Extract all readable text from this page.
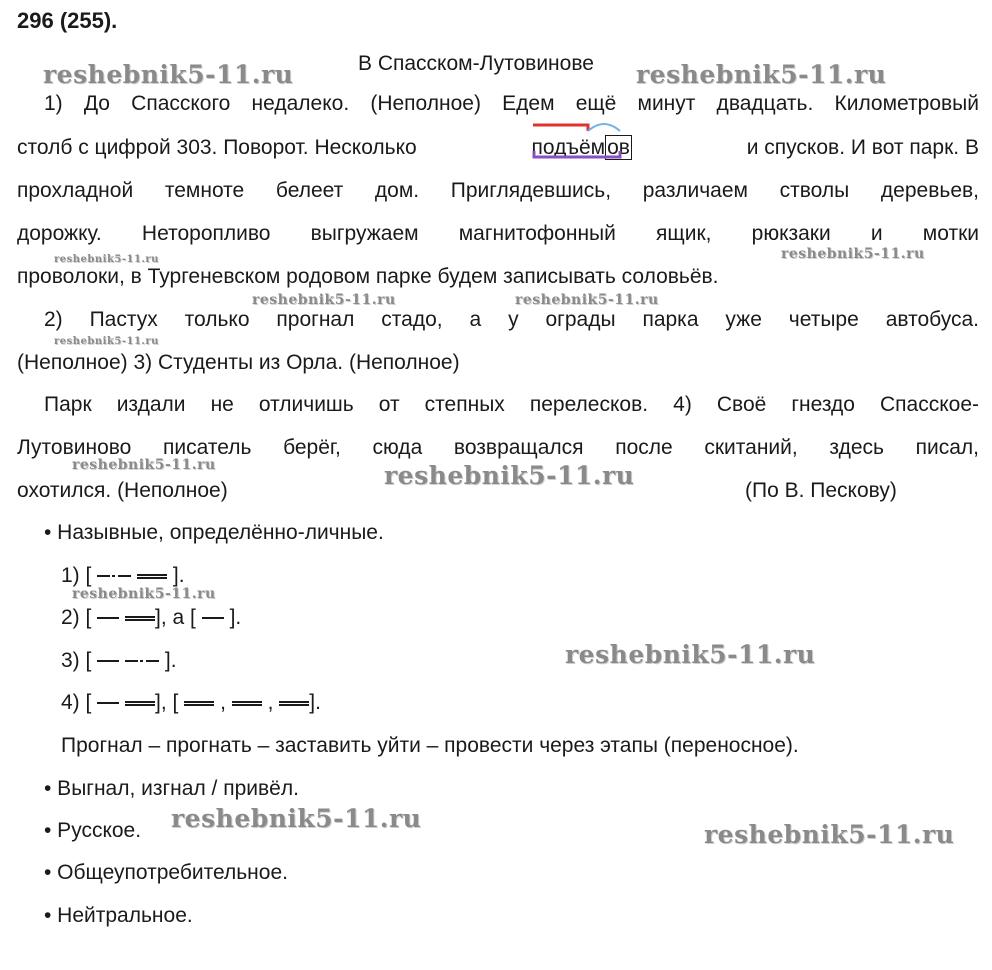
296 (255).
В Спасском-Лутовинове
1) До Спасского недалеко. (Неполное) Едем ещё минут двадцать. Километровый
столб с цифрой 303. Поворот. Несколько	подъёмов	и спусков. И вот парк. В
прохладной темноте белеет дом. Приглядевшись, различаем стволы деревьев,
дорожку. Неторопливо выгружаем магнитофонный ящик, рюкзаки и мотки
проволоки, в Тургеневском родовом парке будем записывать соловьёв.
2) Пастух только прогнал стадо, а у ограды парка уже четыре автобуса.
(Неполное) 3) Студенты из Орла. (Неполное)
Парк издали не отличишь от степных перелесков. 4) Своё гнездо Спасское-
Лутовиново писатель берёг, сюда возвращался после скитаний, здесь писал,
охотился. (Неполное)	(По В. Пескову)
• Назывные, определённо-личные.
1) [	].
2) [	], а [ ].
3) [	].
4) [	], [ , , ].
Прогнал – прогнать – заставить уйти – провести через этапы (переносное).
• Выгнал, изгнал / привёл.
• Русское.
• Общеупотребительное.
• Нейтральное.
reshebnik5-11.ru	reshebnik5-11.ru
reshebnik5-11.ru
reshebnik5-11.ru
reshebnik5-11.ru	reshebnik5-11.ru
reshebnik5-11.ru
reshebnik5-11.ru	reshebnik5-11.ru
reshebnik5-11.ru
reshebnik5-11.ru
reshebnik5-11.ru
reshebnik5-11.ru
